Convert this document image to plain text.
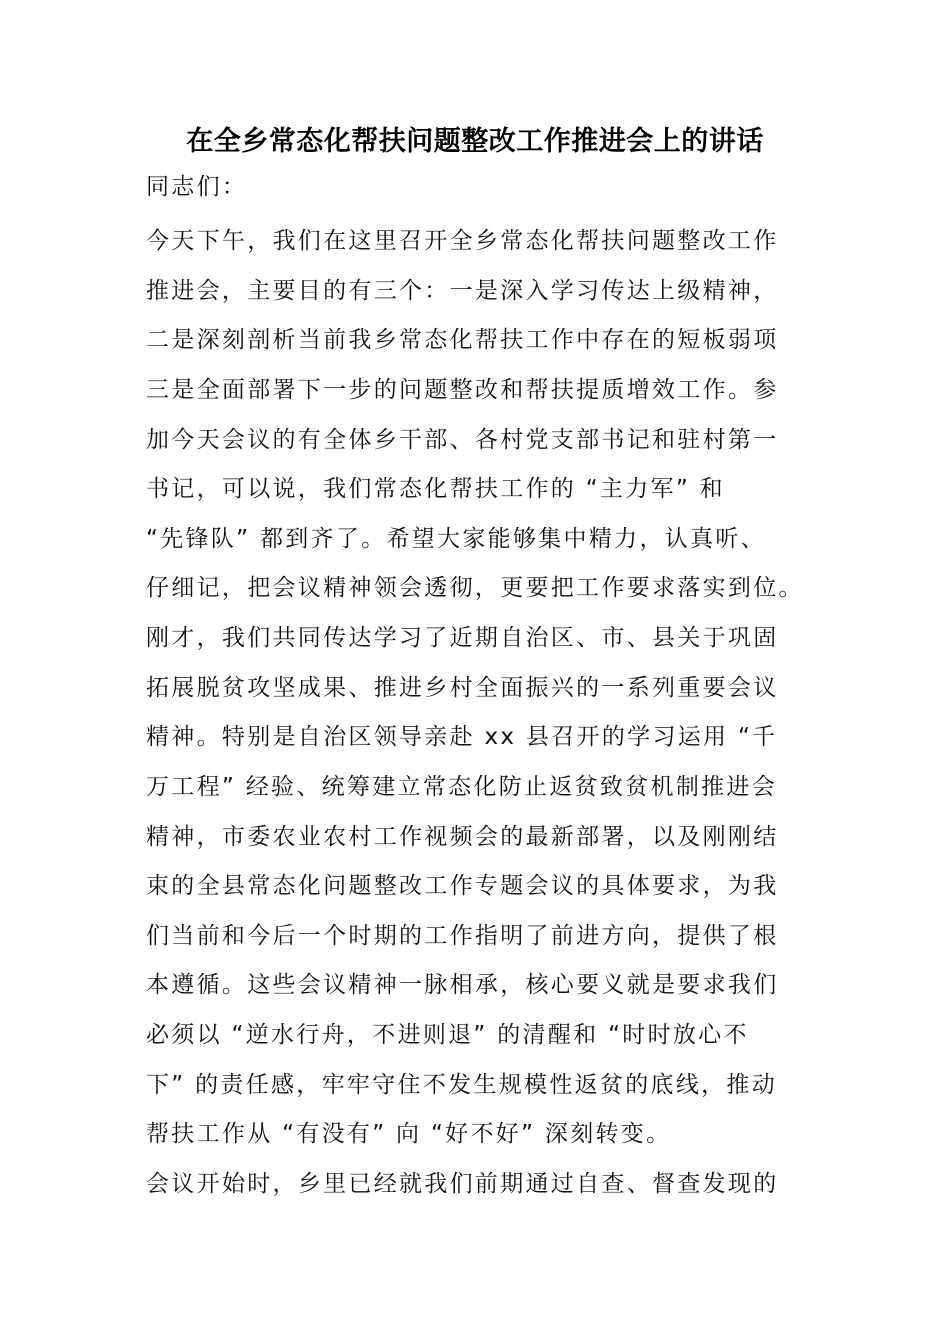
在全乡常态化帮扶问题整改工作推进会上的讲话
同志们：
今天下午，我们在这里召开全乡常态化帮扶问题整改工作
推进会，主要目的有三个：一是深入学习传达上级精神，
二是深刻剖析当前我乡常态化帮扶工作中存在的短板弱项
三是全面部署下一步的问题整改和帮扶提质增效工作。参
加今天会议的有全体乡干部、各村党支部书记和驻村第一
书记，可以说，我们常态化帮扶工作的 “主力军” 和
“先锋队” 都到齐了。希望大家能够集中精力，认真听、
仔细记，把会议精神领会透彻，更要把工作要求落实到位。
刚才，我们共同传达学习了近期自治区、市、县关于巩固
拓展脱贫攻坚成果、推进乡村全面振兴的一系列重要会议
精神。特别是自治区领导亲赴 xx 县召开的学习运用 “千
万工程” 经验、统筹建立常态化防止返贫致贫机制推进会
精神，市委农业农村工作视频会的最新部署，以及刚刚结
束的全县常态化问题整改工作专题会议的具体要求，为我
们当前和今后一个时期的工作指明了前进方向，提供了根
本遵循。这些会议精神一脉相承，核心要义就是要求我们
必须以 “逆水行舟，不进则退” 的清醒和 “时时放心不
下” 的责任感，牢牢守住不发生规模性返贫的底线，推动
帮扶工作从 “有没有” 向 “好不好” 深刻转变。
会议开始时，乡里已经就我们前期通过自查、督查发现的
